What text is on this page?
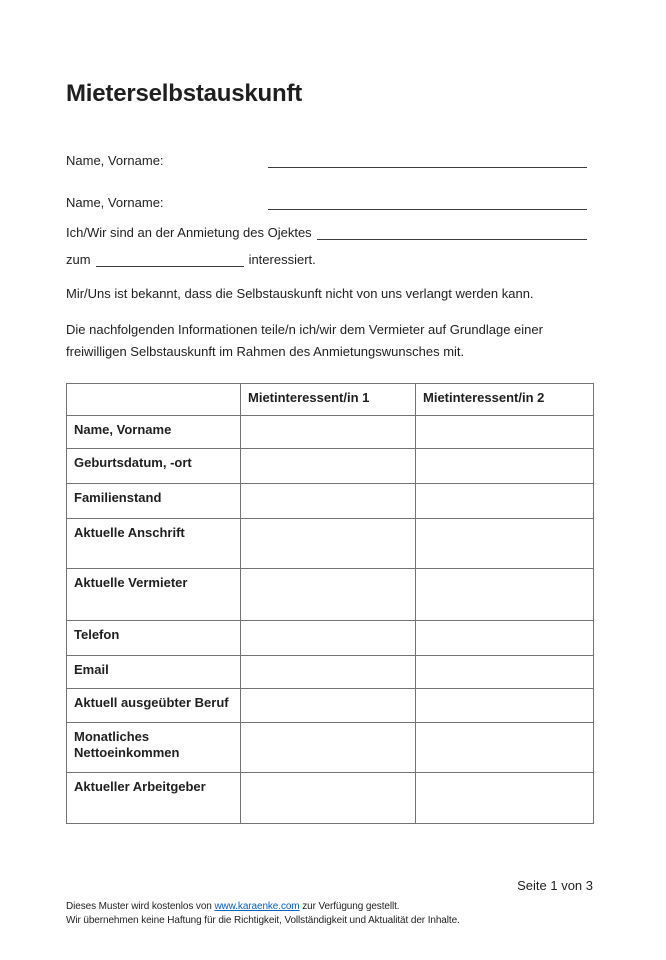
Mieterselbstauskunft
Name, Vorname:
Name, Vorname:
Ich/Wir sind an der Anmietung des Ojektes
zum	interessiert.
Mir/Uns ist bekannt, dass die Selbstauskunft nicht von uns verlangt werden kann.
Die nachfolgenden Informationen teile/n ich/wir dem Vermieter auf Grundlage einer
freiwilligen Selbstauskunft im Rahmen des Anmietungswunsches mit.
	Mietinteressent/in 1	Mietinteressent/in 2
Name, Vorname		
Geburtsdatum, -ort		
Familienstand		
Aktuelle Anschrift		
Aktuelle Vermieter		
Telefon		
Email		
Aktuell ausgeübter Beruf		
Monatliches Nettoeinkommen		
Aktueller Arbeitgeber		
Seite 1 von 3
Dieses Muster wird kostenlos von www.karaenke.com zur Verfügung gestellt.
Wir übernehmen keine Haftung für die Richtigkeit, Vollständigkeit und Aktualität der Inhalte.
